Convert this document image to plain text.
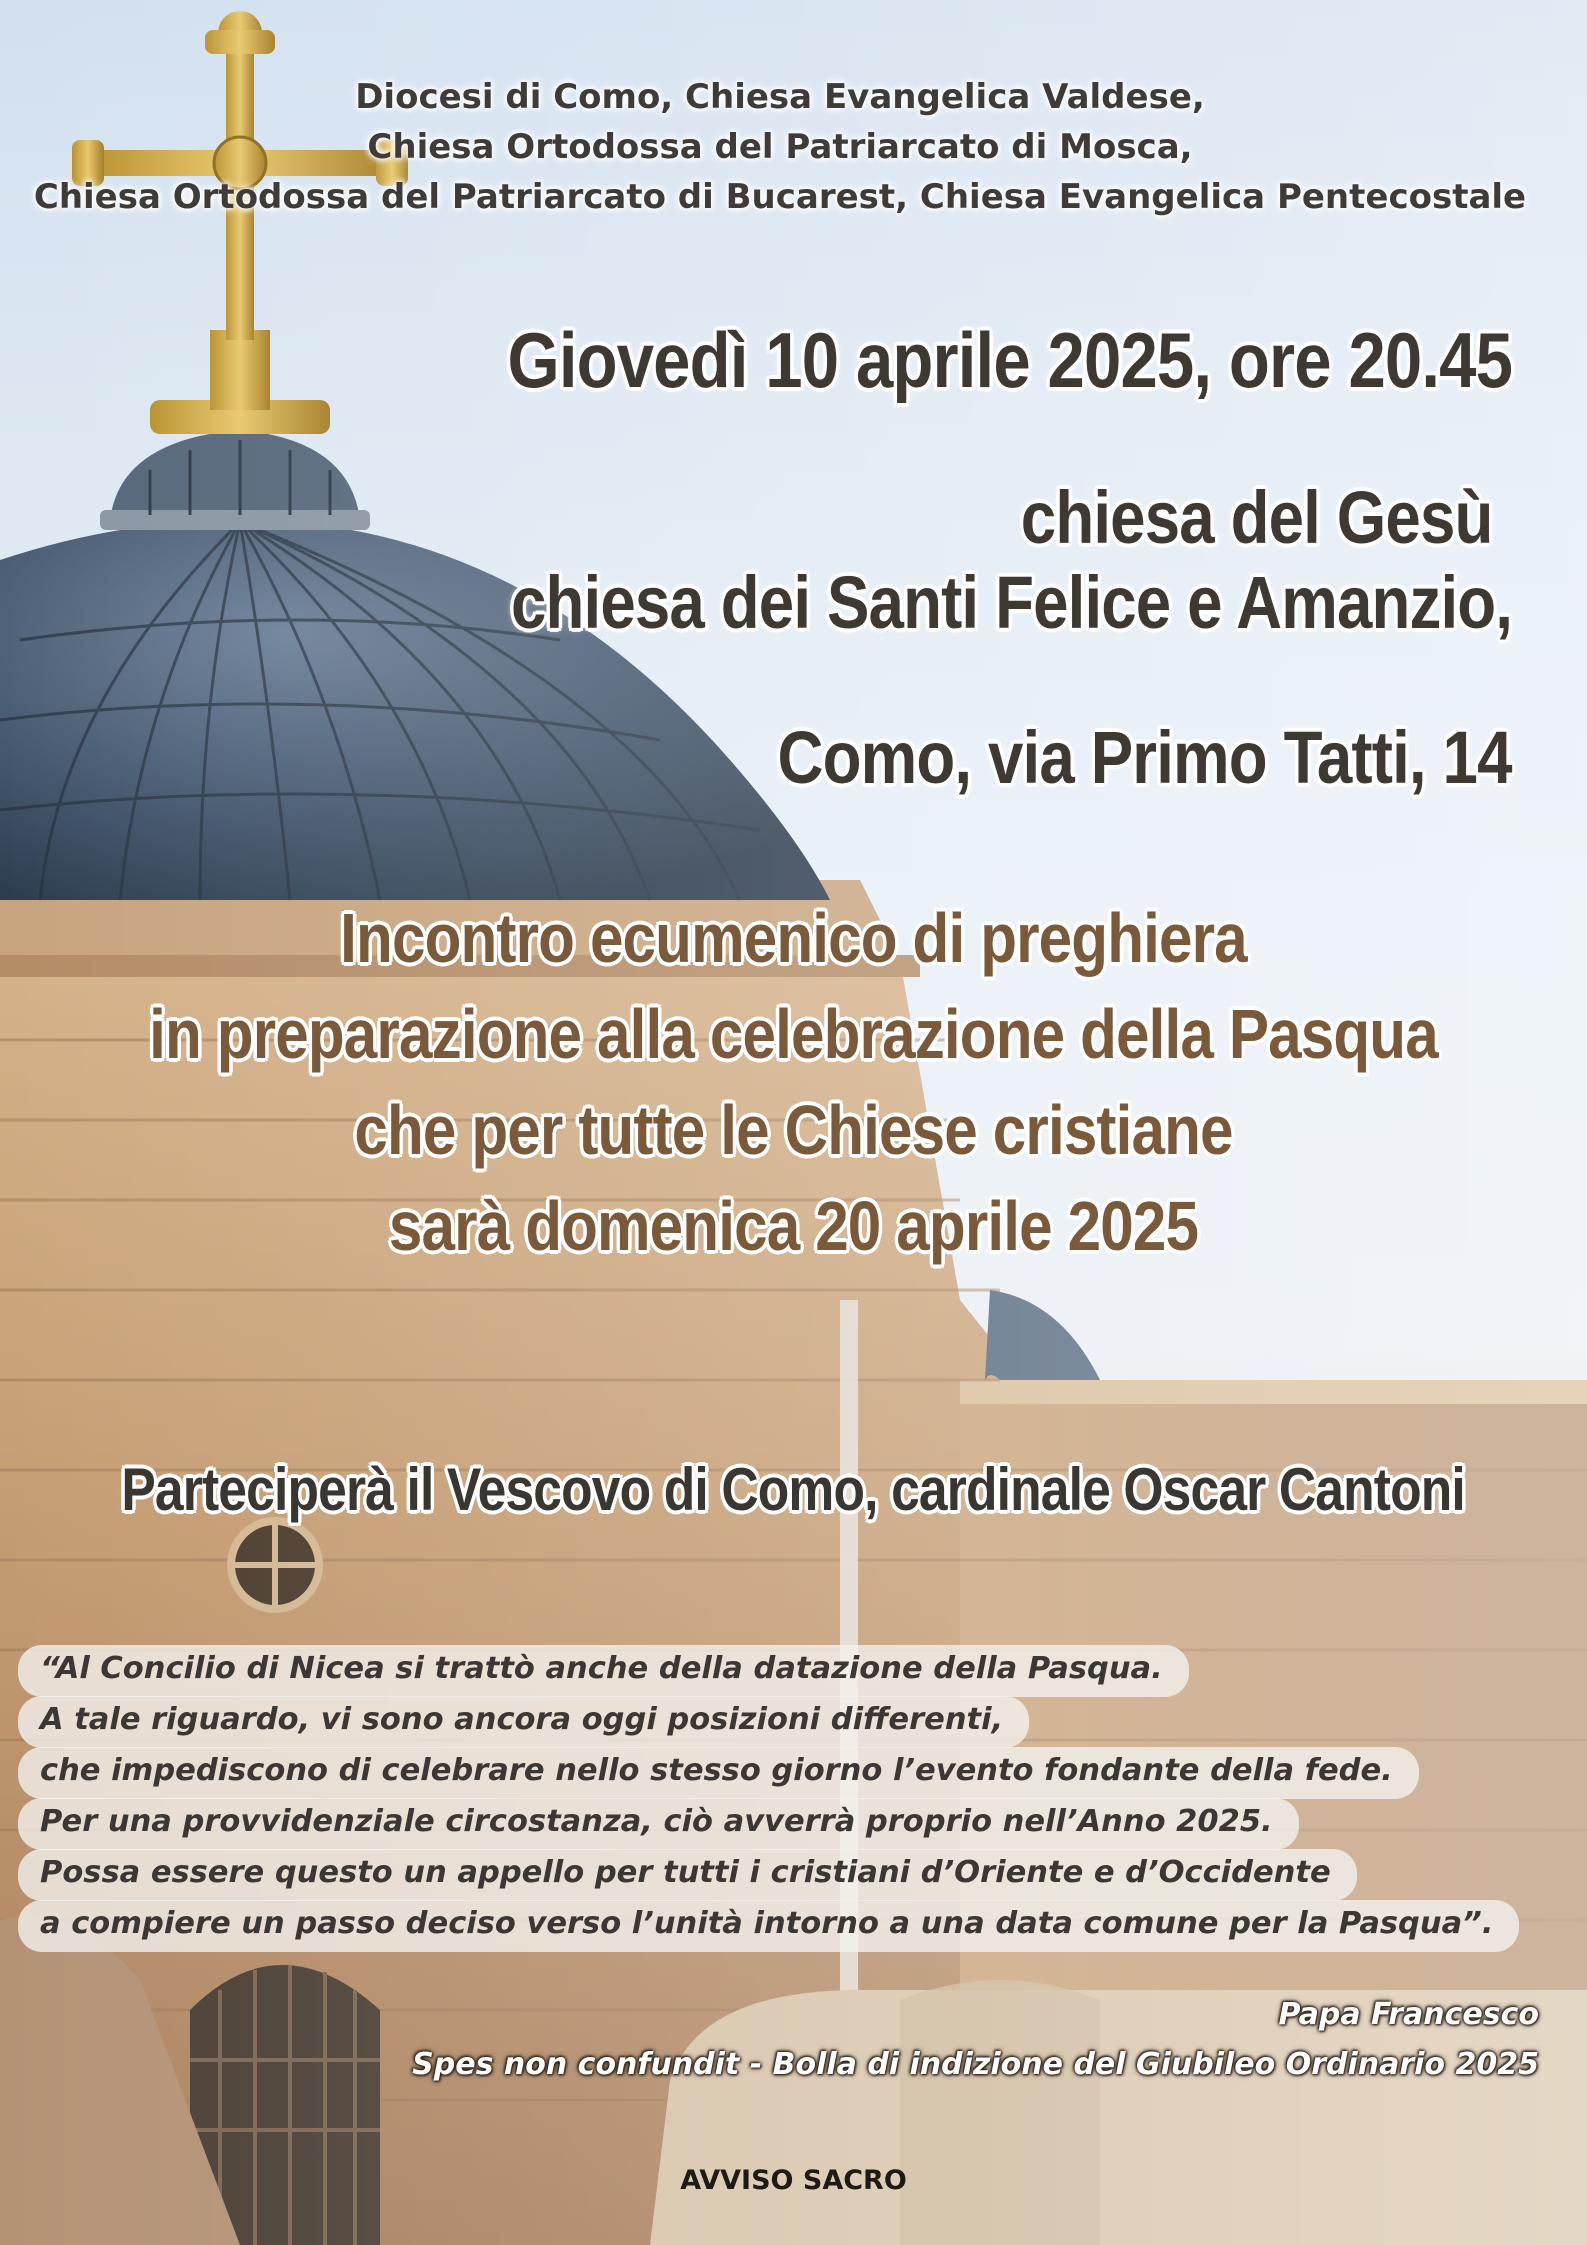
Diocesi di Como, Chiesa Evangelica Valdese,
Chiesa Ortodossa del Patriarcato di Mosca,
Chiesa Ortodossa del Patriarcato di Bucarest, Chiesa Evangelica Pentecostale
Giovedì 10 aprile 2025, ore 20.45
chiesa del Gesù
chiesa dei Santi Felice e Amanzio,
Como, via Primo Tatti, 14
Incontro ecumenico di preghiera
in preparazione alla celebrazione della Pasqua
che per tutte le Chiese cristiane
sarà domenica 20 aprile 2025
Parteciperà il Vescovo di Como, cardinale Oscar Cantoni
“Al Concilio di Nicea si trattò anche della datazione della Pasqua.
A tale riguardo, vi sono ancora oggi posizioni differenti,
che impediscono di celebrare nello stesso giorno l’evento fondante della fede.
Per una provvidenziale circostanza, ciò avverrà proprio nell’Anno 2025.
Possa essere questo un appello per tutti i cristiani d’Oriente e d’Occidente
a compiere un passo deciso verso l’unità intorno a una data comune per la Pasqua”.
Papa Francesco
Spes non confundit - Bolla di indizione del Giubileo Ordinario 2025
AVVISO SACRO
